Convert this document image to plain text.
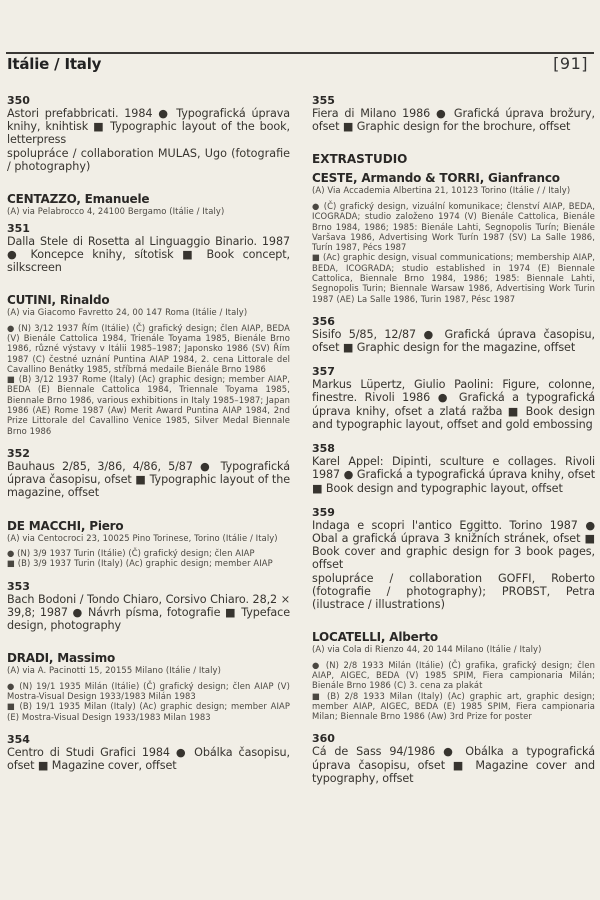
Itálie / Italy	[91]
350
Astori prefabbricati. 1984 ● Typografická úprava knihy, knihtisk ■ Typographic layout of the book, letterpress
spolupráce / collaboration MULAS, Ugo (fotografie / photography)
CENTAZZO, Emanuele
(A) via Pelabrocco 4, 24100 Bergamo (Itálie / Italy)
351
Dalla Stele di Rosetta al Linguaggio Binario. 1987 ● Koncepce knihy, sítotisk ■ Book concept, silkscreen
CUTINI, Rinaldo
(A) via Giacomo Favretto 24, 00 147 Roma (Itálie / Italy)
● (N) 3/12 1937 Řím (Itálie) (Č) grafický design; člen AIAP, BEDA (V) Bienále Cattolica 1984, Trienále Toyama 1985, Bienále Brno 1986, různé výstavy v Itálii 1985–1987; Japonsko 1986 (SV) Řím 1987 (C) čestné uznání Puntina AIAP 1984, 2. cena Littorale del Cavallino Benátky 1985, stříbrná medaile Bienále Brno 1986
■ (B) 3/12 1937 Rome (Italy) (Ac) graphic design; member AIAP, BEDA (E) Biennale Cattolica 1984, Triennale Toyama 1985, Biennale Brno 1986, various exhibitions in Italy 1985–1987; Japan 1986 (AE) Rome 1987 (Aw) Merit Award Puntina AIAP 1984, 2nd Prize Littorale del Cavallino Venice 1985, Silver Medal Biennale Brno 1986
352
Bauhaus 2/85, 3/86, 4/86, 5/87 ● Typografická úprava časopisu, ofset ■ Typographic layout of the magazine, offset
DE MACCHI, Piero
(A) via Centocroci 23, 10025 Pino Torinese, Torino (Itálie / Italy)
● (N) 3/9 1937 Turin (Itálie) (Č) grafický design; člen AIAP
■ (B) 3/9 1937 Turin (Italy) (Ac) graphic design; member AIAP
353
Bach Bodoni / Tondo Chiaro, Corsivo Chiaro. 28,2 × 39,8; 1987 ● Návrh písma, fotografie ■ Typeface design, photography
DRADI, Massimo
(A) via A. Pacinotti 15, 20155 Milano (Itálie / Italy)
● (N) 19/1 1935 Milán (Itálie) (Č) grafický design; člen AIAP (V) Mostra-Visual Design 1933/1983 Milán 1983
■ (B) 19/1 1935 Milan (Italy) (Ac) graphic design; member AIAP (E) Mostra-Visual Design 1933/1983 Milan 1983
354
Centro di Studi Grafici 1984 ● Obálka časopisu, ofset ■ Magazine cover, offset
355
Fiera di Milano 1986 ● Grafická úprava brožury, ofset ■ Graphic design for the brochure, offset
EXTRASTUDIO
CESTE, Armando & TORRI, Gianfranco
(A) Via Accademia Albertina 21, 10123 Torino (Itálie / / Italy)
● (Č) grafický design, vizuální komunikace; členství AIAP, BEDA, ICOGRADA; studio založeno 1974 (V) Bienále Cattolica, Bienále Brno 1984, 1986; 1985: Bienále Lahti, Segnopolis Turín; Bienále Varšava 1986, Advertising Work Turín 1987 (SV) La Salle 1986, Turín 1987, Pécs 1987
■ (Ac) graphic design, visual communications; membership AIAP, BEDA, ICOGRADA; studio established in 1974 (E) Biennale Cattolica, Biennale Brno 1984, 1986; 1985: Biennale Lahti, Segnopolis Turin; Biennale Warsaw 1986, Advertising Work Turin 1987 (AE) La Salle 1986, Turin 1987, Pésc 1987
356
Sisifo 5/85, 12/87 ● Grafická úprava časopisu, ofset ■ Graphic design for the magazine, offset
357
Markus Lüpertz, Giulio Paolini: Figure, colonne, finestre. Rivoli 1986 ● Grafická a typografická úprava knihy, ofset a zlatá ražba ■ Book design and typographic layout, offset and gold embossing
358
Karel Appel: Dipinti, sculture e collages. Rivoli 1987 ● Grafická a typografická úprava knihy, ofset ■ Book design and typographic layout, offset
359
Indaga e scopri l'antico Eggitto. Torino 1987 ● Obal a grafická úprava 3 knižních stránek, ofset ■ Book cover and graphic design for 3 book pages, offset
spolupráce / collaboration GOFFI, Roberto (fotografie / photography); PROBST, Petra (ilustrace / illustrations)
LOCATELLI, Alberto
(A) via Cola di Rienzo 44, 20 144 Milano (Itálie / Italy)
● (N) 2/8 1933 Milán (Itálie) (Č) grafika, grafický design; člen AIAP, AIGEC, BEDA (V) 1985 SPIM, Fiera campionaria Milán; Bienále Brno 1986 (C) 3. cena za plakát
■ (B) 2/8 1933 Milan (Italy) (Ac) graphic art, graphic design; member AIAP, AIGEC, BEDA (E) 1985 SPIM, Fiera campionaria Milan; Biennale Brno 1986 (Aw) 3rd Prize for poster
360
Cá de Sass 94/1986 ● Obálka a typografická úprava časopisu, ofset ■ Magazine cover and typography, offset
